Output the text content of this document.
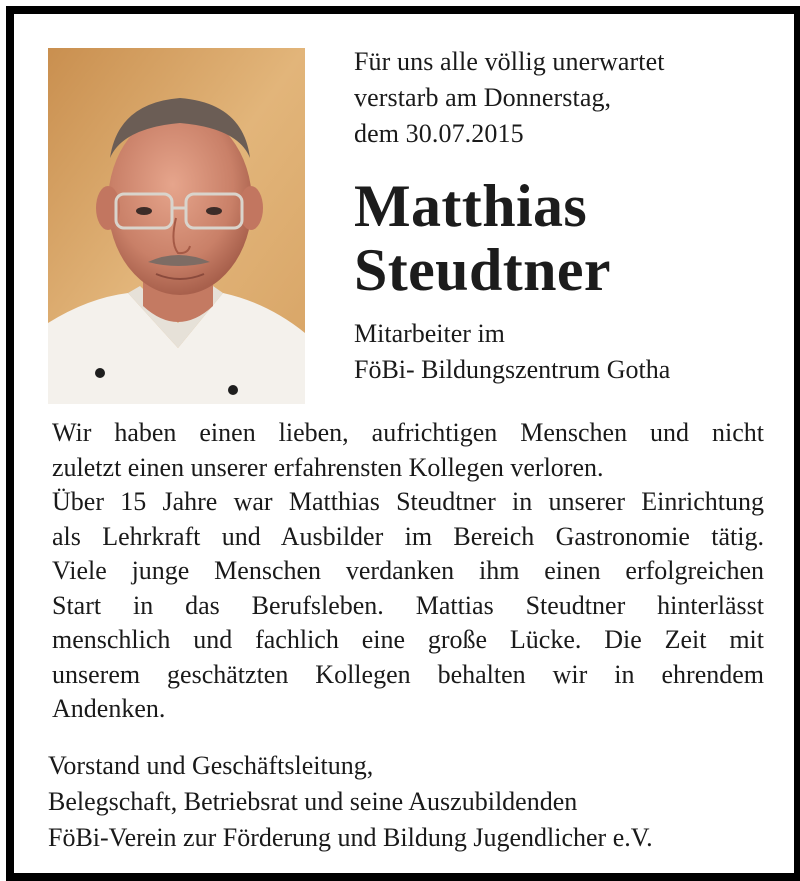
Für uns alle völlig unerwartet
verstarb am Donnerstag,
dem 30.07.2015
Matthias
Steudtner
Mitarbeiter im
FöBi- Bildungszentrum Gotha
Wir haben einen lieben, aufrichtigen Menschen und nicht
zuletzt einen unserer erfahrensten Kollegen verloren.
Über 15 Jahre war Matthias Steudtner in unserer Einrichtung
als Lehrkraft und Ausbilder im Bereich Gastronomie tätig.
Viele junge Menschen verdanken ihm einen erfolgreichen
Start in das Berufsleben. Mattias Steudtner hinterlässt
menschlich und fachlich eine große Lücke. Die Zeit mit
unserem geschätzten Kollegen behalten wir in ehrendem
Andenken.
Vorstand und Geschäftsleitung,
Belegschaft, Betriebsrat und seine Auszubildenden
FöBi-Verein zur Förderung und Bildung Jugendlicher e.V.
